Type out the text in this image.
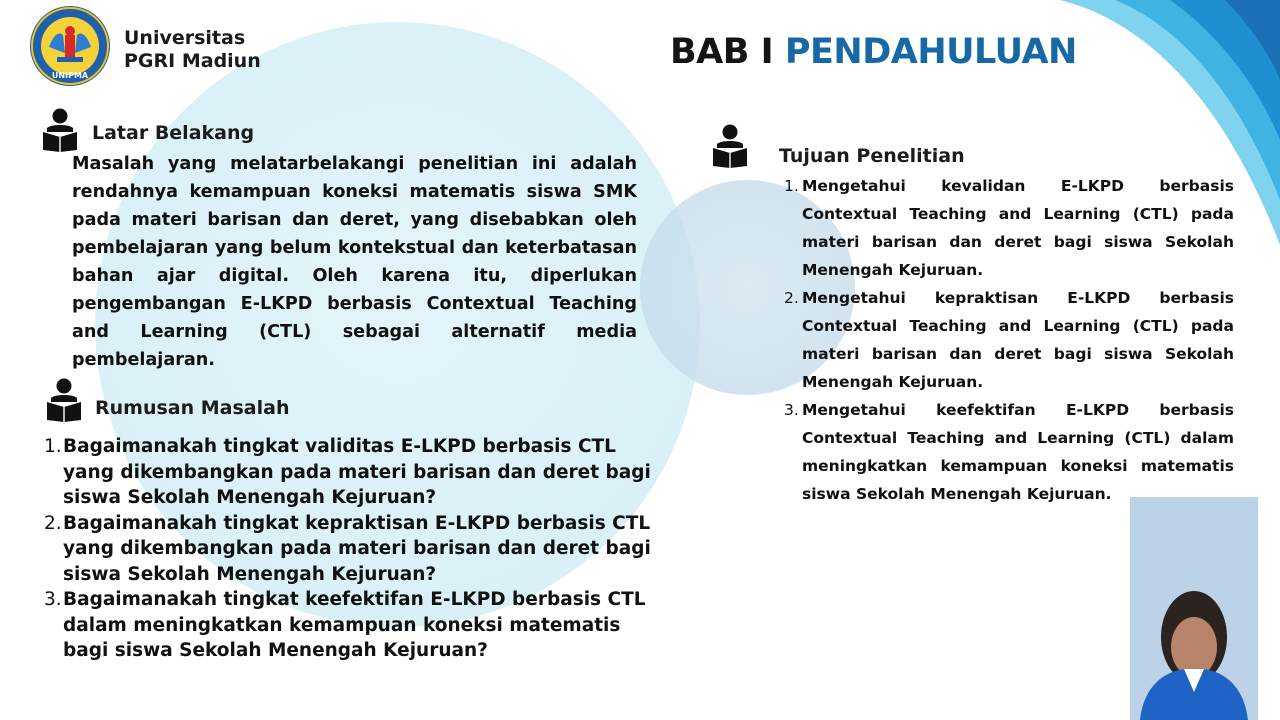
UNIPMA
Universitas
PGRI Madiun	BAB I PENDAHULUAN
Latar Belakang
Masalah yang melatarbelakangi penelitian ini adalah rendahnya kemampuan koneksi matematis siswa SMK pada materi barisan dan deret, yang disebabkan oleh pembelajaran yang belum kontekstual dan keterbatasan bahan ajar digital. Oleh karena itu, diperlukan pengembangan E-LKPD berbasis Contextual Teaching and Learning (CTL) sebagai alternatif media pembelajaran.
Rumusan Masalah
1. Bagaimanakah tingkat validitas E-LKPD berbasis CTL yang dikembangkan pada materi barisan dan deret bagi siswa Sekolah Menengah Kejuruan?
2. Bagaimanakah tingkat kepraktisan E-LKPD berbasis CTL yang dikembangkan pada materi barisan dan deret bagi siswa Sekolah Menengah Kejuruan?
3. Bagaimanakah tingkat keefektifan E-LKPD berbasis CTL dalam meningkatkan kemampuan koneksi matematis bagi siswa Sekolah Menengah Kejuruan?
Tujuan Penelitian
1. Mengetahui kevalidan E-LKPD berbasis Contextual Teaching and Learning (CTL) pada materi barisan dan deret bagi siswa Sekolah Menengah Kejuruan.
2. Mengetahui kepraktisan E-LKPD berbasis Contextual Teaching and Learning (CTL) pada materi barisan dan deret bagi siswa Sekolah Menengah Kejuruan.
3. Mengetahui keefektifan E-LKPD berbasis Contextual Teaching and Learning (CTL) dalam meningkatkan kemampuan koneksi matematis siswa Sekolah Menengah Kejuruan.
